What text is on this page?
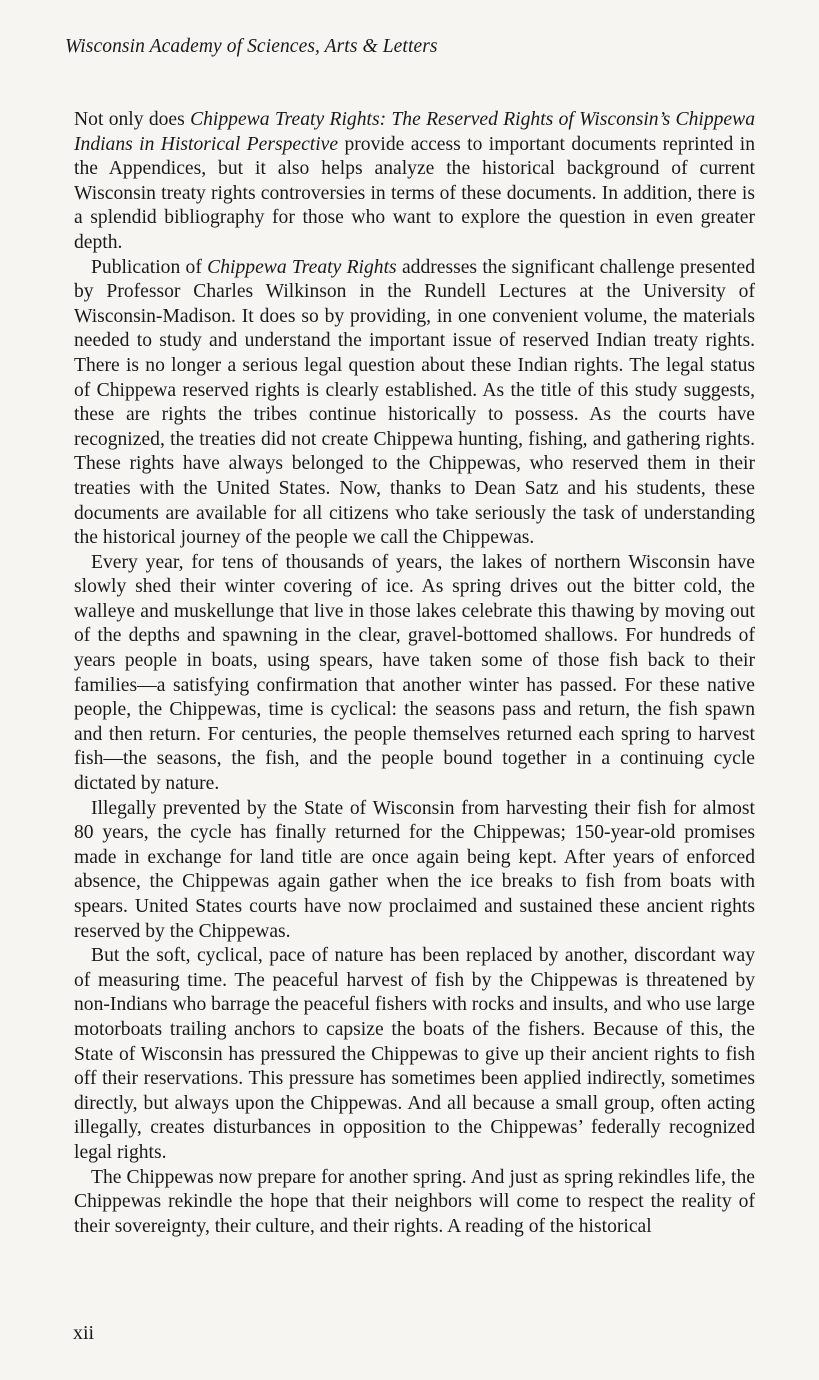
Wisconsin Academy of Sciences, Arts & Letters

Not only does Chippewa Treaty Rights: The Reserved Rights of Wisconsin’s Chippewa Indians in Historical Perspective provide access to important documents reprinted in the Appendices, but it also helps analyze the historical background of current Wisconsin treaty rights controversies in terms of these documents. In addition, there is a splendid bibliography for those who want to explore the question in even greater depth.

Publication of Chippewa Treaty Rights addresses the significant challenge presented by Professor Charles Wilkinson in the Rundell Lectures at the University of Wisconsin-Madison. It does so by providing, in one convenient volume, the materials needed to study and understand the important issue of reserved Indian treaty rights. There is no longer a serious legal question about these Indian rights. The legal status of Chippewa reserved rights is clearly established. As the title of this study suggests, these are rights the tribes continue historically to possess. As the courts have recognized, the treaties did not create Chippewa hunting, fishing, and gathering rights. These rights have always belonged to the Chippewas, who reserved them in their treaties with the United States. Now, thanks to Dean Satz and his students, these documents are available for all citizens who take seriously the task of understanding the historical journey of the people we call the Chippewas.

Every year, for tens of thousands of years, the lakes of northern Wisconsin have slowly shed their winter covering of ice. As spring drives out the bitter cold, the walleye and muskellunge that live in those lakes celebrate this thawing by moving out of the depths and spawning in the clear, gravel-bottomed shallows. For hundreds of years people in boats, using spears, have taken some of those fish back to their families—a satisfying confirmation that another winter has passed. For these native people, the Chippewas, time is cyclical: the seasons pass and return, the fish spawn and then return. For centuries, the people themselves returned each spring to harvest fish—the seasons, the fish, and the people bound together in a continuing cycle dictated by nature.

Illegally prevented by the State of Wisconsin from harvesting their fish for almost 80 years, the cycle has finally returned for the Chippewas; 150-year-old promises made in exchange for land title are once again being kept. After years of enforced absence, the Chippewas again gather when the ice breaks to fish from boats with spears. United States courts have now proclaimed and sustained these ancient rights reserved by the Chippewas.

But the soft, cyclical, pace of nature has been replaced by another, discordant way of measuring time. The peaceful harvest of fish by the Chippewas is threatened by non-Indians who barrage the peaceful fishers with rocks and insults, and who use large motorboats trailing anchors to capsize the boats of the fishers. Because of this, the State of Wisconsin has pressured the Chippewas to give up their ancient rights to fish off their reservations. This pressure has sometimes been applied indirectly, sometimes directly, but always upon the Chippewas. And all because a small group, often acting illegally, creates disturbances in opposition to the Chippewas’ federally recognized legal rights.

The Chippewas now prepare for another spring. And just as spring rekindles life, the Chippewas rekindle the hope that their neighbors will come to respect the reality of their sovereignty, their culture, and their rights. A reading of the historical

xii
